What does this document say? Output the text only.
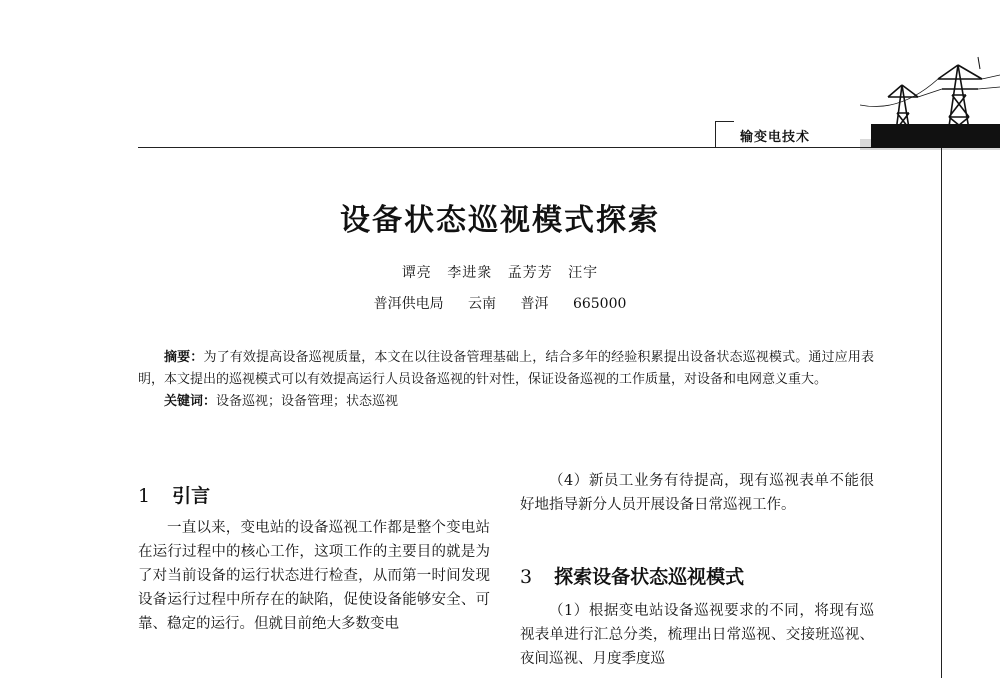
输变电技术
设备状态巡视模式探索
谭亮 李进衆 孟芳芳 汪宇
普洱供电局 云南 普洱 665000

摘要：为了有效提高设备巡视质量，本文在以往设备管理基础上，结合多年的经验积累提出设备状态巡视模式。通过应用表明，本文提出的巡视模式可以有效提高运行人员设备巡视的针对性，保证设备巡视的工作质量，对设备和电网意义重大。

关键词：设备巡视；设备管理；状态巡视

1 引言

一直以来，变电站的设备巡视工作都是整个变电站在运行过程中的核心工作，这项工作的主要目的就是为了对当前设备的运行状态进行检查，从而第一时间发现设备运行过程中所存在的缺陷，促使设备能够安全、可靠、稳定的运行。但就目前绝大多数变电

（4）新员工业务有待提高，现有巡视表单不能很好地指导新分人员开展设备日常巡视工作。

3 探索设备状态巡视模式

（1）根据变电站设备巡视要求的不同，将现有巡视表单进行汇总分类，梳理出日常巡视、交接班巡视、夜间巡视、月度季度巡
